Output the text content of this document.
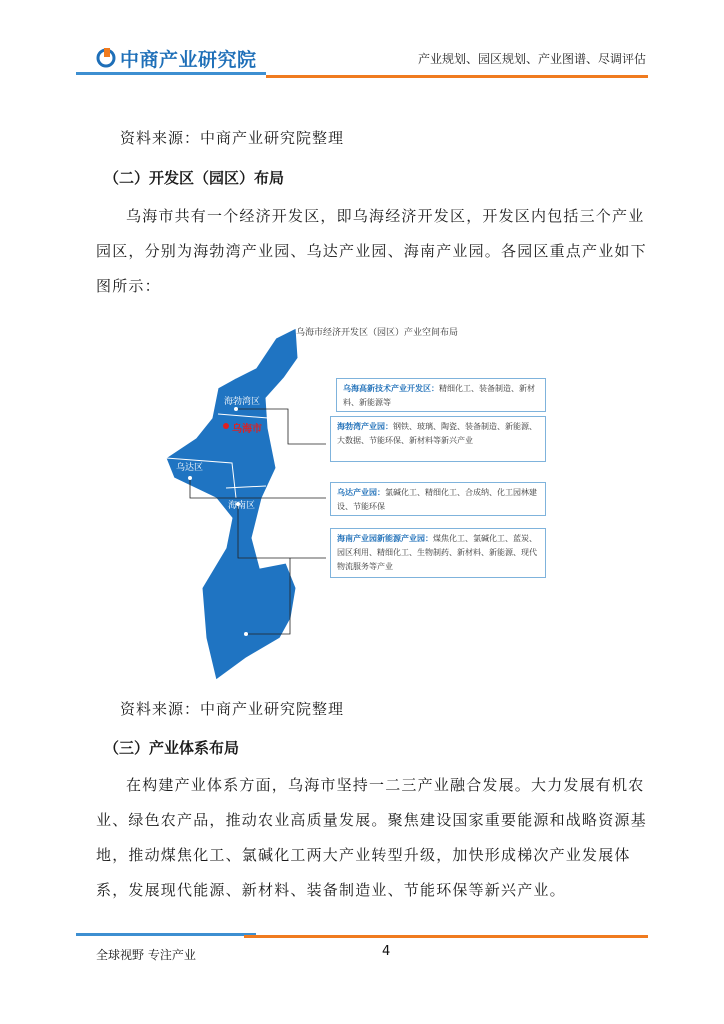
中商产业研究院	产业规划、园区规划、产业图谱、尽调评估
资料来源：中商产业研究院整理
（二）开发区（园区）布局
乌海市共有一个经济开发区，即乌海经济开发区，开发区内包括三个产业园区，分别为海勃湾产业园、乌达产业园、海南产业园。各园区重点产业如下图所示：
海勃湾区
乌达区
海南区
乌海市
乌海高新技术产业开发区：精细化工、装备制造、新材料、新能源等
海勃湾产业园：钢铁、玻璃、陶瓷、装备制造、新能源、大数据、节能环保、新材料等新兴产业
乌达产业园：氯碱化工、精细化工、合成纳、化工园林建设、节能环保
海南产业园新能源产业园：煤焦化工、氯碱化工、蓝炭、园区利用、精细化工、生物制药、新材料、新能源、现代物流服务等产业
乌海市经济开发区（园区）产业空间布局
资料来源：中商产业研究院整理
（三）产业体系布局
在构建产业体系方面，乌海市坚持一二三产业融合发展。大力发展有机农业、绿色农产品，推动农业高质量发展。聚焦建设国家重要能源和战略资源基地，推动煤焦化工、氯碱化工两大产业转型升级，加快形成梯次产业发展体系，发展现代能源、新材料、装备制造业、节能环保等新兴产业。
全球视野 专注产业	4
